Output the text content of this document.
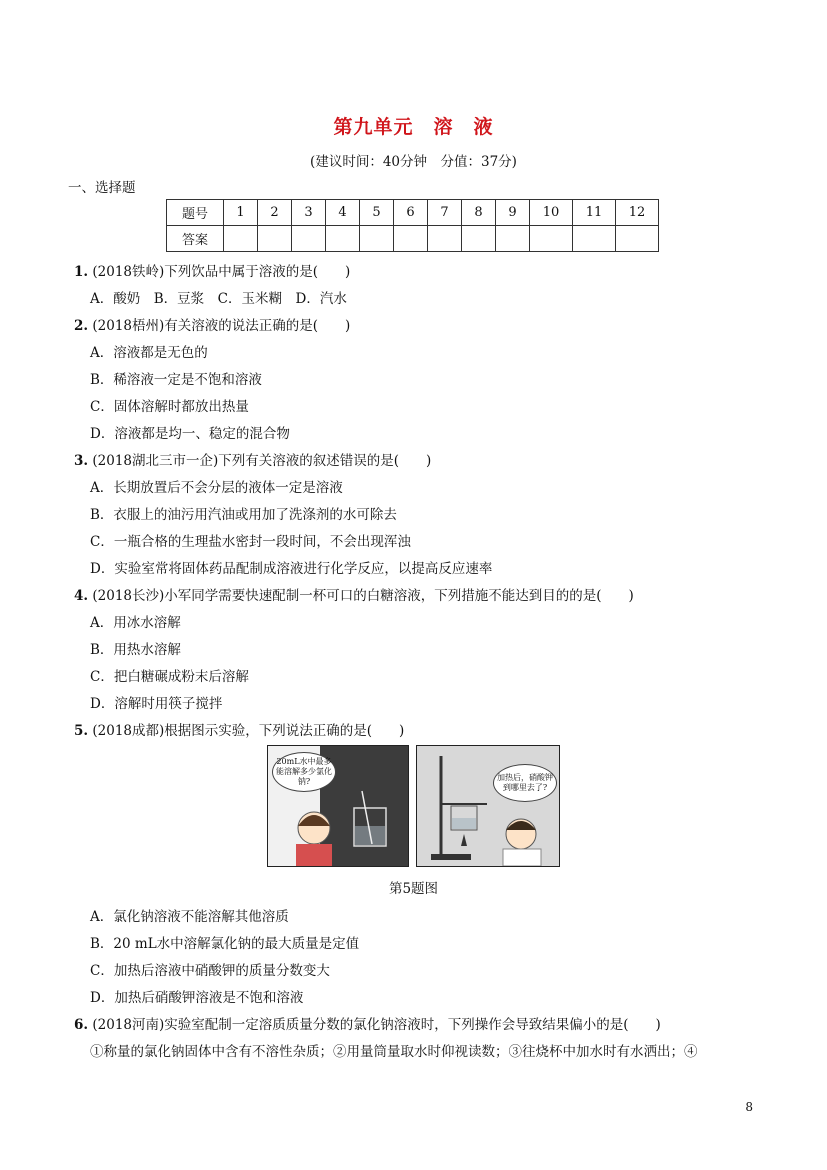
第九单元　溶　液
(建议时间：40分钟　分值：37分)
一、选择题
题号	1	2	3	4	5	6	7	8	9	10	11	12
答案												
1. (2018铁岭)下列饮品中属于溶液的是(　　)
A．酸奶　B．豆浆　C．玉米糊　D．汽水
2. (2018梧州)有关溶液的说法正确的是(　　)
A．溶液都是无色的
B．稀溶液一定是不饱和溶液
C．固体溶解时都放出热量
D．溶液都是均一、稳定的混合物
3. (2018湖北三市一企)下列有关溶液的叙述错误的是(　　)
A．长期放置后不会分层的液体一定是溶液
B．衣服上的油污用汽油或用加了洗涤剂的水可除去
C．一瓶合格的生理盐水密封一段时间，不会出现浑浊
D．实验室常将固体药品配制成溶液进行化学反应，以提高反应速率
4. (2018长沙)小军同学需要快速配制一杯可口的白糖溶液，下列措施不能达到目的的是(　　)
A．用冰水溶解
B．用热水溶解
C．把白糖碾成粉末后溶解
D．溶解时用筷子搅拌
5. (2018成都)根据图示实验，下列说法正确的是(　　)
20mL水中最多能溶解多少氯化钠?	加热后，硝酸钾到哪里去了?
第5题图
A．氯化钠溶液不能溶解其他溶质
B．20 mL水中溶解氯化钠的最大质量是定值
C．加热后溶液中硝酸钾的质量分数变大
D．加热后硝酸钾溶液是不饱和溶液
6. (2018河南)实验室配制一定溶质质量分数的氯化钠溶液时，下列操作会导致结果偏小的是(　　)
①称量的氯化钠固体中含有不溶性杂质；②用量筒量取水时仰视读数；③往烧杯中加水时有水洒出；④
8
